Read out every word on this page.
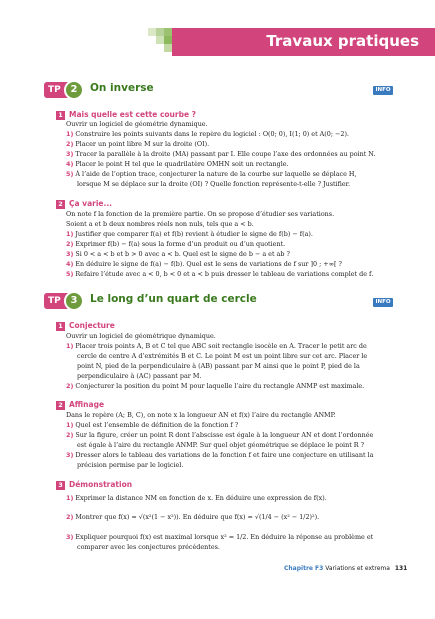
Travaux pratiques
TP 2	On inverse	INFO
1 Mais quelle est cette courbe ?
Ouvrir un logiciel de géométrie dynamique.
1) Construire les points suivants dans le repère du logiciel : O(0; 0), I(1; 0) et A(0; −2).
2) Placer un point libre M sur la droite (OI).
3) Tracer la parallèle à la droite (MA) passant par I. Elle coupe l’axe des ordonnées au point N.
4) Placer le point H tel que le quadrilatère OMHN soit un rectangle.
5) À l’aide de l’option trace, conjecturer la nature de la courbe sur laquelle se déplace H,
lorsque M se déplace sur la droite (OI) ? Quelle fonction représente-t-elle ? Justifier.
2 Ça varie...
On note f la fonction de la première partie. On se propose d’étudier ses variations.
Soient a et b deux nombres réels non nuls, tels que a < b.
1) Justifier que comparer f(a) et f(b) revient à étudier le signe de f(b) − f(a).
2) Exprimer f(b) − f(a) sous la forme d’un produit ou d’un quotient.
3) Si 0 < a < b et b > 0 avec a < b. Quel est le signe de b − a et ab ?
4) En déduire le signe de f(a) − f(b). Quel est le sens de variations de f sur ]0 ; +∞[ ?
5) Refaire l’étude avec a < 0, b < 0 et a < b puis dresser le tableau de variations complet de f.
TP 3	Le long d’un quart de cercle	INFO
1 Conjecture
Ouvrir un logiciel de géométrique dynamique.
1) Placer trois points A, B et C tel que ABC soit rectangle isocèle en A. Tracer le petit arc de
cercle de centre A d’extrémités B et C. Le point M est un point libre sur cet arc. Placer le
point N, pied de la perpendiculaire à (AB) passant par M ainsi que le point P, pied de la
perpendiculaire à (AC) passant par M.
2) Conjecturer la position du point M pour laquelle l’aire du rectangle ANMP est maximale.
2 Affinage
Dans le repère (A; B, C), on note x la longueur AN et f(x) l’aire du rectangle ANMP.
1) Quel est l’ensemble de définition de la fonction f ?
2) Sur la figure, créer un point R dont l’abscisse est égale à la longueur AN et dont l’ordonnée
est égale à l’aire du rectangle ANMP. Sur quel objet géométrique se déplace le point R ?
3) Dresser alors le tableau des variations de la fonction f et faire une conjecture en utilisant la
précision permise par le logiciel.
3 Démonstration
1) Exprimer la distance NM en fonction de x. En déduire une expression de f(x).
2) Montrer que f(x) = √(x²(1 − x²)). En déduire que f(x) = √(1/4 − (x² − 1/2)²).
3) Expliquer pourquoi f(x) est maximal lorsque x² = 1/2. En déduire la réponse au problème et
comparer avec les conjectures précédentes.
Chapitre F3 Variations et extrema 131
